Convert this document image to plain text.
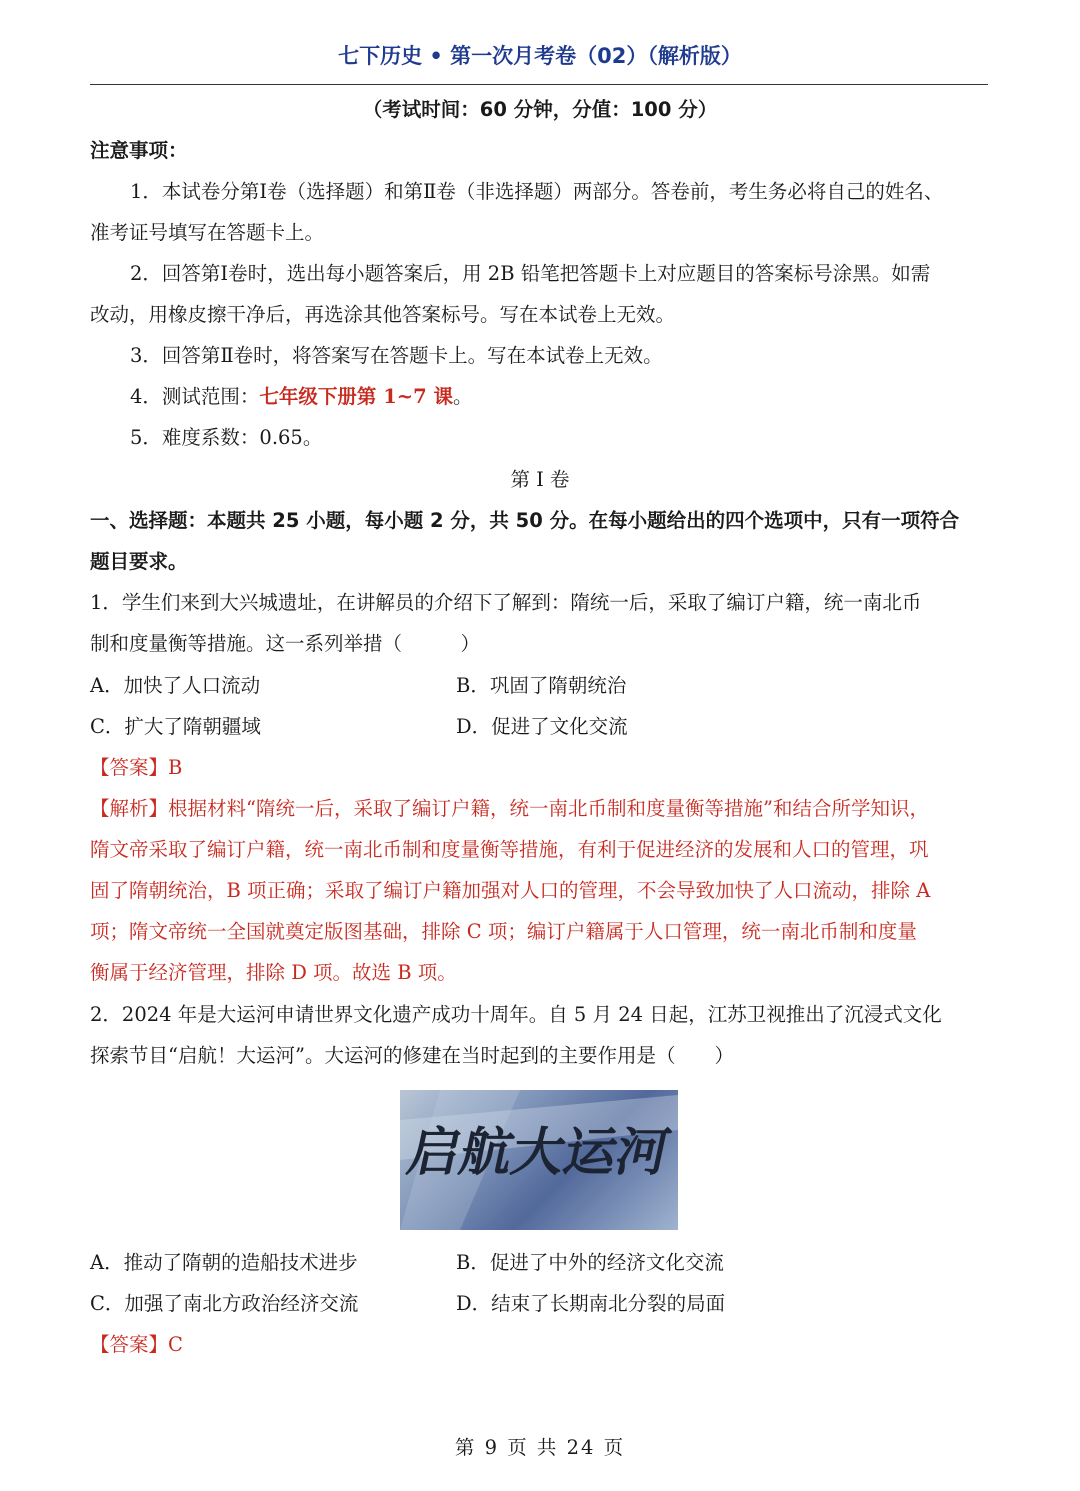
七下历史 • 第一次月考卷（02）（解析版）
（考试时间：60 分钟，分值：100 分）
注意事项：
1．本试卷分第Ⅰ卷（选择题）和第Ⅱ卷（非选择题）两部分。答卷前，考生务必将自己的姓名、
准考证号填写在答题卡上。
2．回答第Ⅰ卷时，选出每小题答案后，用 2B 铅笔把答题卡上对应题目的答案标号涂黑。如需
改动，用橡皮擦干净后，再选涂其他答案标号。写在本试卷上无效。
3．回答第Ⅱ卷时，将答案写在答题卡上。写在本试卷上无效。
4．测试范围：七年级下册第 1~7 课。
5．难度系数：0.65。
第 Ⅰ 卷
一、选择题：本题共 25 小题，每小题 2 分，共 50 分。在每小题给出的四个选项中，只有一项符合
题目要求。
1．学生们来到大兴城遗址，在讲解员的介绍下了解到：隋统一后，采取了编订户籍，统一南北币
制和度量衡等措施。这一系列举措（　　　）
A．加快了人口流动	B．巩固了隋朝统治
C．扩大了隋朝疆域	D．促进了文化交流
【答案】B
【解析】根据材料“隋统一后，采取了编订户籍，统一南北币制和度量衡等措施”和结合所学知识，
隋文帝采取了编订户籍，统一南北币制和度量衡等措施，有利于促进经济的发展和人口的管理，巩
固了隋朝统治，B 项正确；采取了编订户籍加强对人口的管理，不会导致加快了人口流动，排除 A
项；隋文帝统一全国就奠定版图基础，排除 C 项；编订户籍属于人口管理，统一南北币制和度量
衡属于经济管理，排除 D 项。故选 B 项。
2．2024 年是大运河申请世界文化遗产成功十周年。自 5 月 24 日起，江苏卫视推出了沉浸式文化
探索节目“启航！大运河”。大运河的修建在当时起到的主要作用是（　　）
启航大运河
A．推动了隋朝的造船技术进步	B．促进了中外的经济文化交流
C．加强了南北方政治经济交流	D．结束了长期南北分裂的局面
【答案】C
第 9 页 共 24 页
